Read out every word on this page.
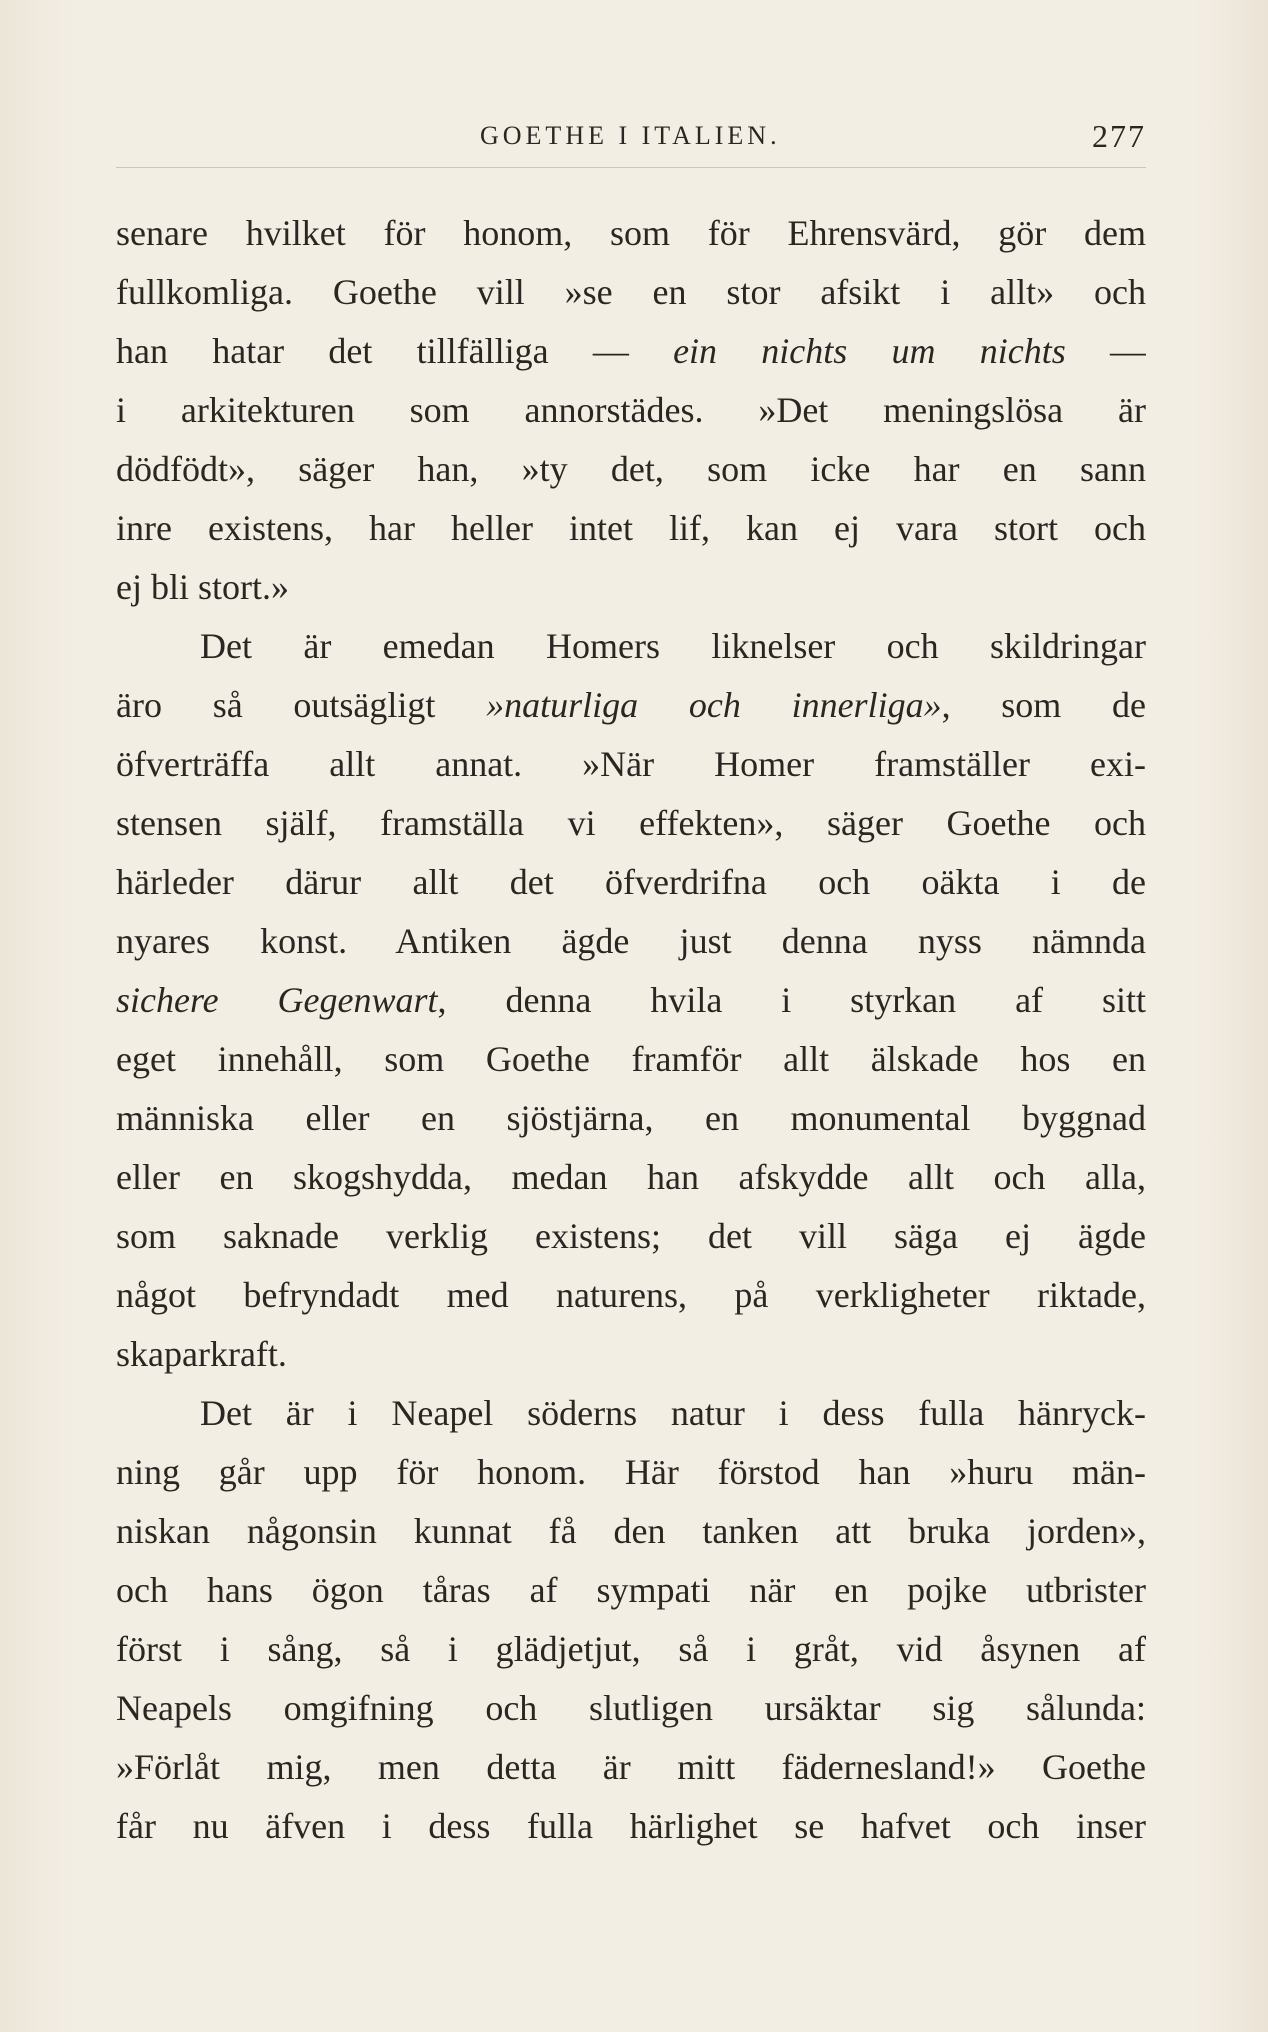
GOETHE I ITALIEN.	277
senare hvilket för honom, som för Ehrensvärd, gör dem
fullkomliga. Goethe vill »se en stor afsikt i allt» och
han hatar det tillfälliga — ein nichts um nichts —
i arkitekturen som annorstädes. »Det meningslösa är
dödfödt», säger han, »ty det, som icke har en sann
inre existens, har heller intet lif, kan ej vara stort och
ej bli stort.»
Det är emedan Homers liknelser och skildringar
äro så outsägligt »naturliga och innerliga», som de
öfverträffa allt annat. »När Homer framställer exi-
stensen själf, framställa vi effekten», säger Goethe och
härleder därur allt det öfverdrifna och oäkta i de
nyares konst. Antiken ägde just denna nyss nämnda
sichere Gegenwart, denna hvila i styrkan af sitt
eget innehåll, som Goethe framför allt älskade hos en
människa eller en sjöstjärna, en monumental byggnad
eller en skogshydda, medan han afskydde allt och alla,
som saknade verklig existens; det vill säga ej ägde
något befryndadt med naturens, på verkligheter riktade,
skaparkraft.
Det är i Neapel söderns natur i dess fulla hänryck-
ning går upp för honom. Här förstod han »huru män-
niskan någonsin kunnat få den tanken att bruka jorden»,
och hans ögon tåras af sympati när en pojke utbrister
först i sång, så i glädjetjut, så i gråt, vid åsynen af
Neapels omgifning och slutligen ursäktar sig sålunda:
»Förlåt mig, men detta är mitt fädernesland!» Goethe
får nu äfven i dess fulla härlighet se hafvet och inser
